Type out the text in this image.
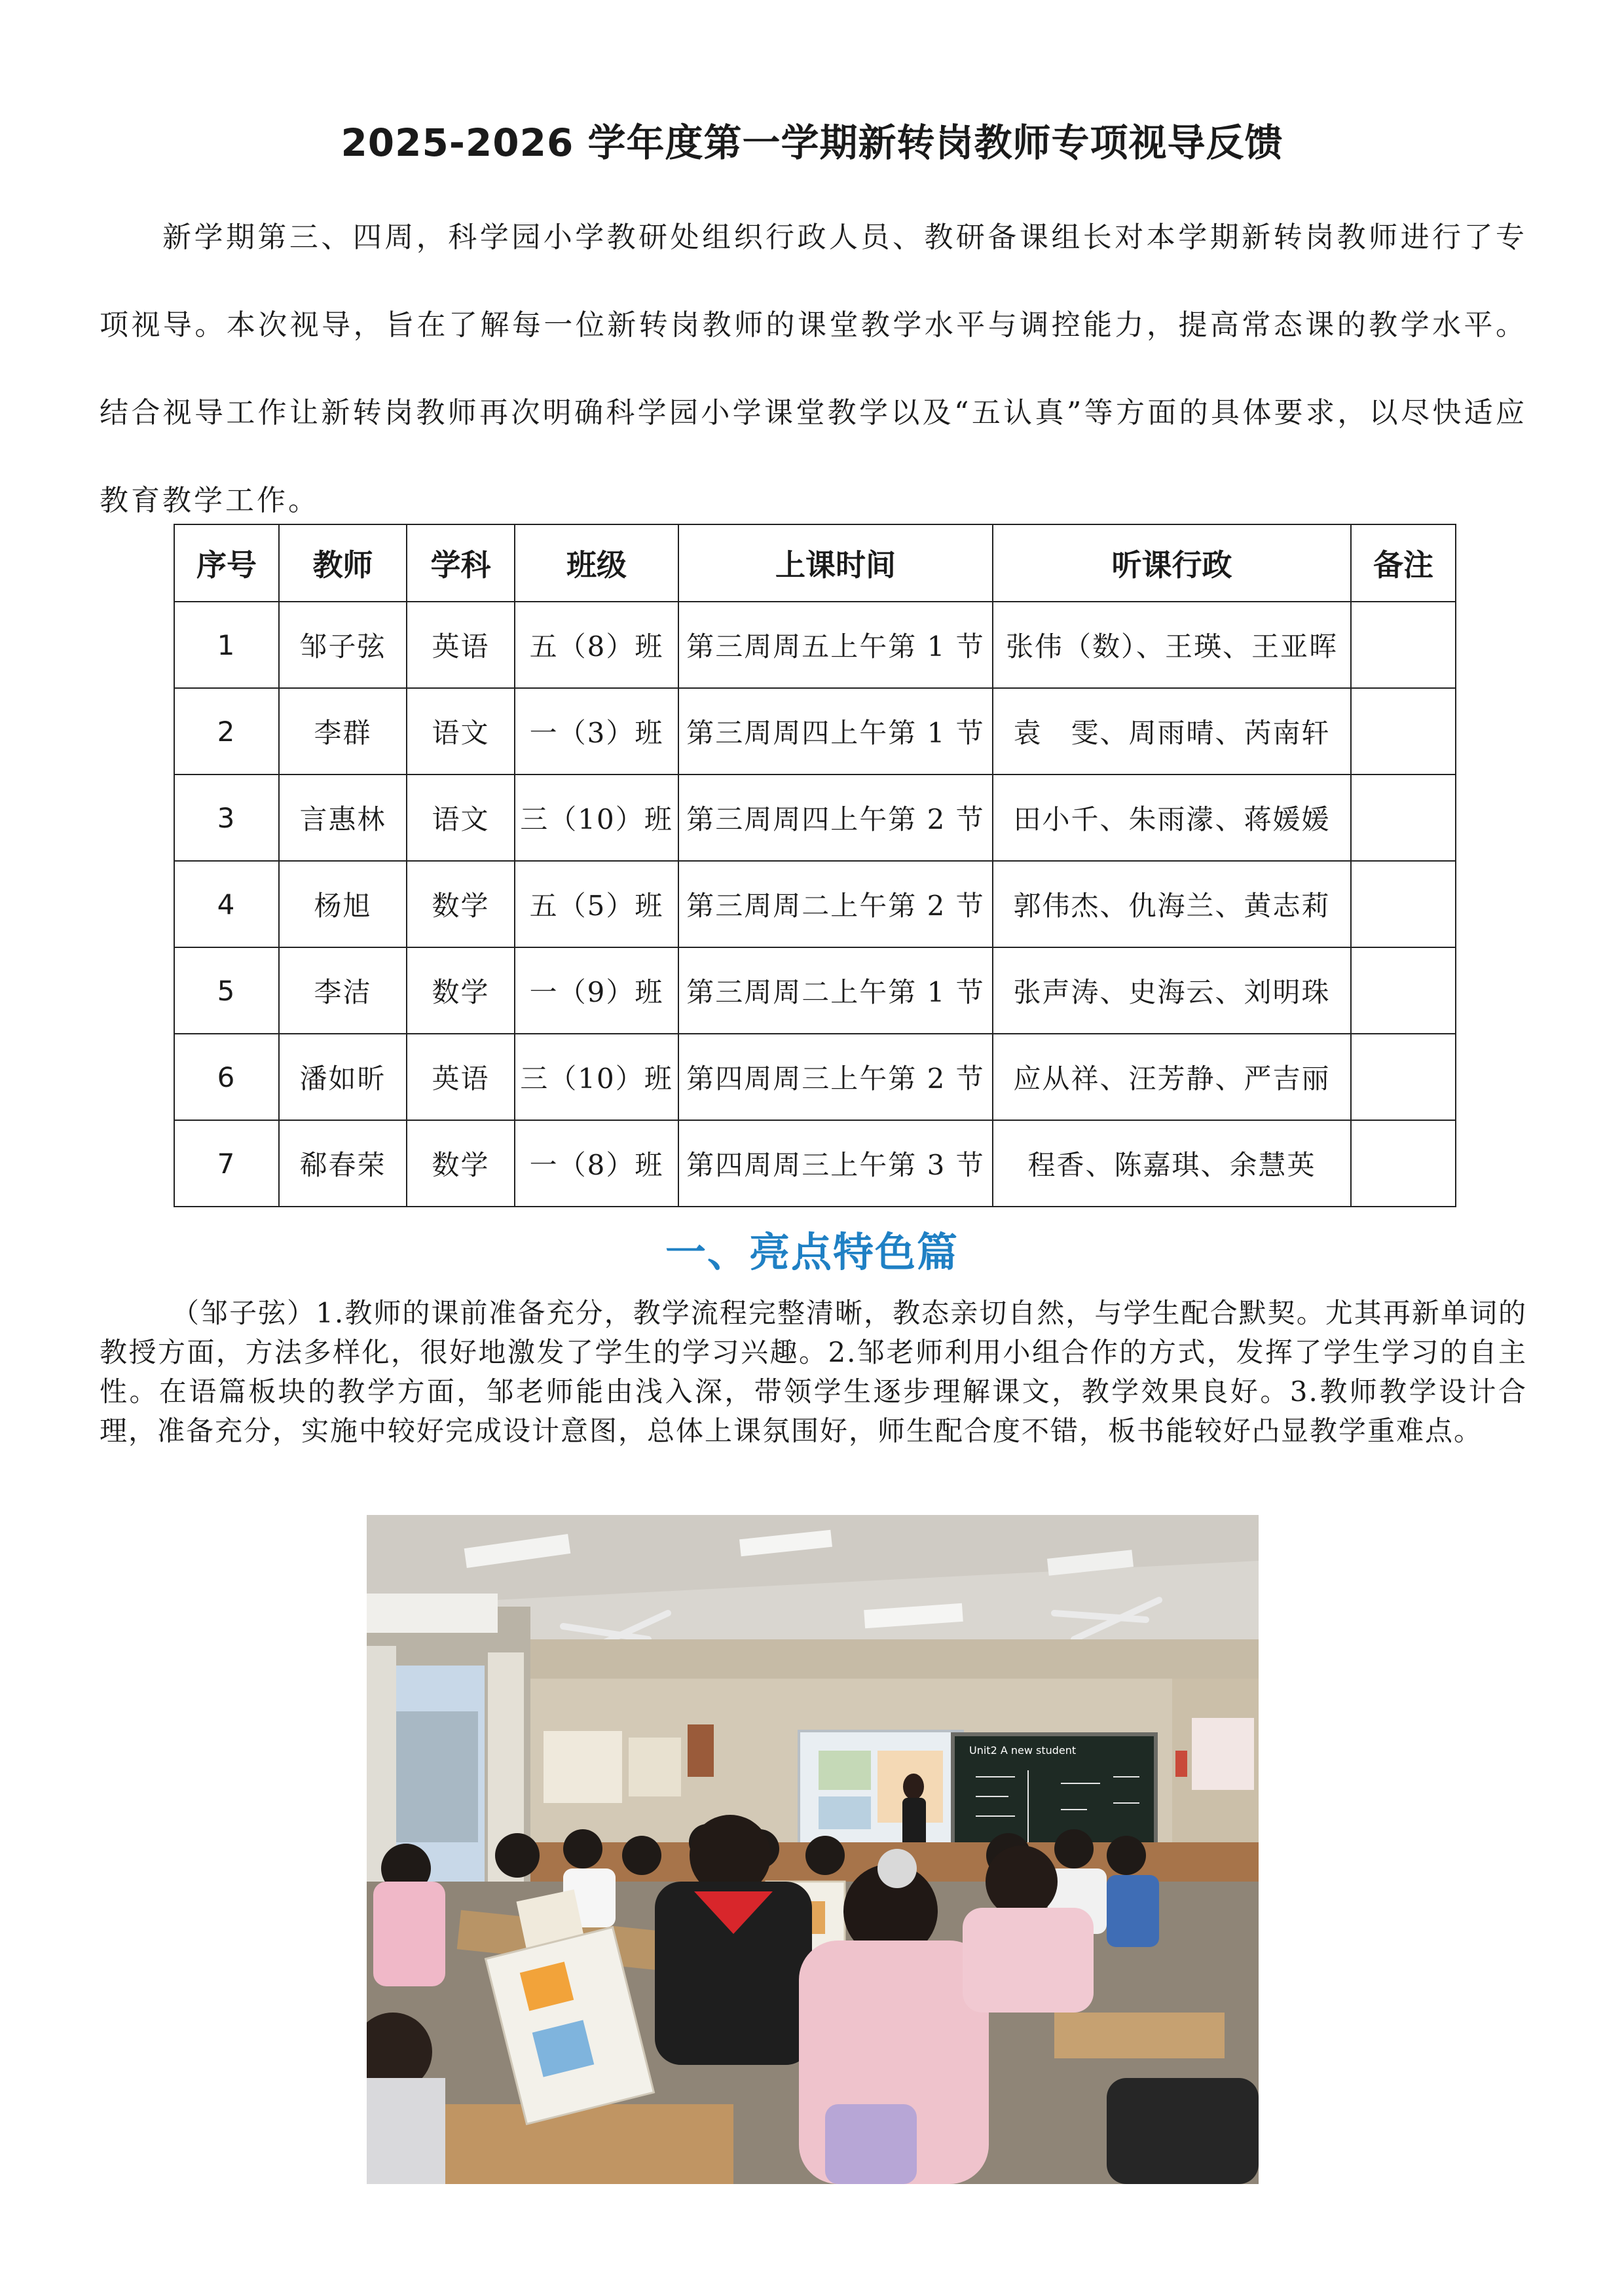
2025-2026 学年度第一学期新转岗教师专项视导反馈

新学期第三、四周，科学园小学教研处组织行政人员、教研备课组长对本学期新转岗教师进行了专项视导。本次视导，旨在了解每一位新转岗教师的课堂教学水平与调控能力，提高常态课的教学水平。结合视导工作让新转岗教师再次明确科学园小学课堂教学以及“五认真”等方面的具体要求，以尽快适应教育教学工作。

序号	教师	学科	班级	上课时间	听课行政	备注
1	邹子弦	英语	五（8）班	第三周周五上午第 1 节	张伟（数）、王瑛、王亚晖	
2	李群	语文	一（3）班	第三周周四上午第 1 节	袁　雯、周雨晴、芮南轩	
3	言惠林	语文	三（10）班	第三周周四上午第 2 节	田小千、朱雨濛、蒋媛媛	
4	杨旭	数学	五（5）班	第三周周二上午第 2 节	郭伟杰、仇海兰、黄志莉	
5	李洁	数学	一（9）班	第三周周二上午第 1 节	张声涛、史海云、刘明珠	
6	潘如昕	英语	三（10）班	第四周周三上午第 2 节	应从祥、汪芳静、严吉丽	
7	郗春荣	数学	一（8）班	第四周周三上午第 3 节	程香、陈嘉琪、余慧英	
一、亮点特色篇

（邹子弦）1.教师的课前准备充分，教学流程完整清晰，教态亲切自然，与学生配合默契。尤其再新单词的教授方面，方法多样化，很好地激发了学生的学习兴趣。2.邹老师利用小组合作的方式，发挥了学生学习的自主性。在语篇板块的教学方面，邹老师能由浅入深，带领学生逐步理解课文，教学效果良好。3.教师教学设计合理，准备充分，实施中较好完成设计意图，总体上课氛围好，师生配合度不错，板书能较好凸显教学重难点。

Unit2 A new student
